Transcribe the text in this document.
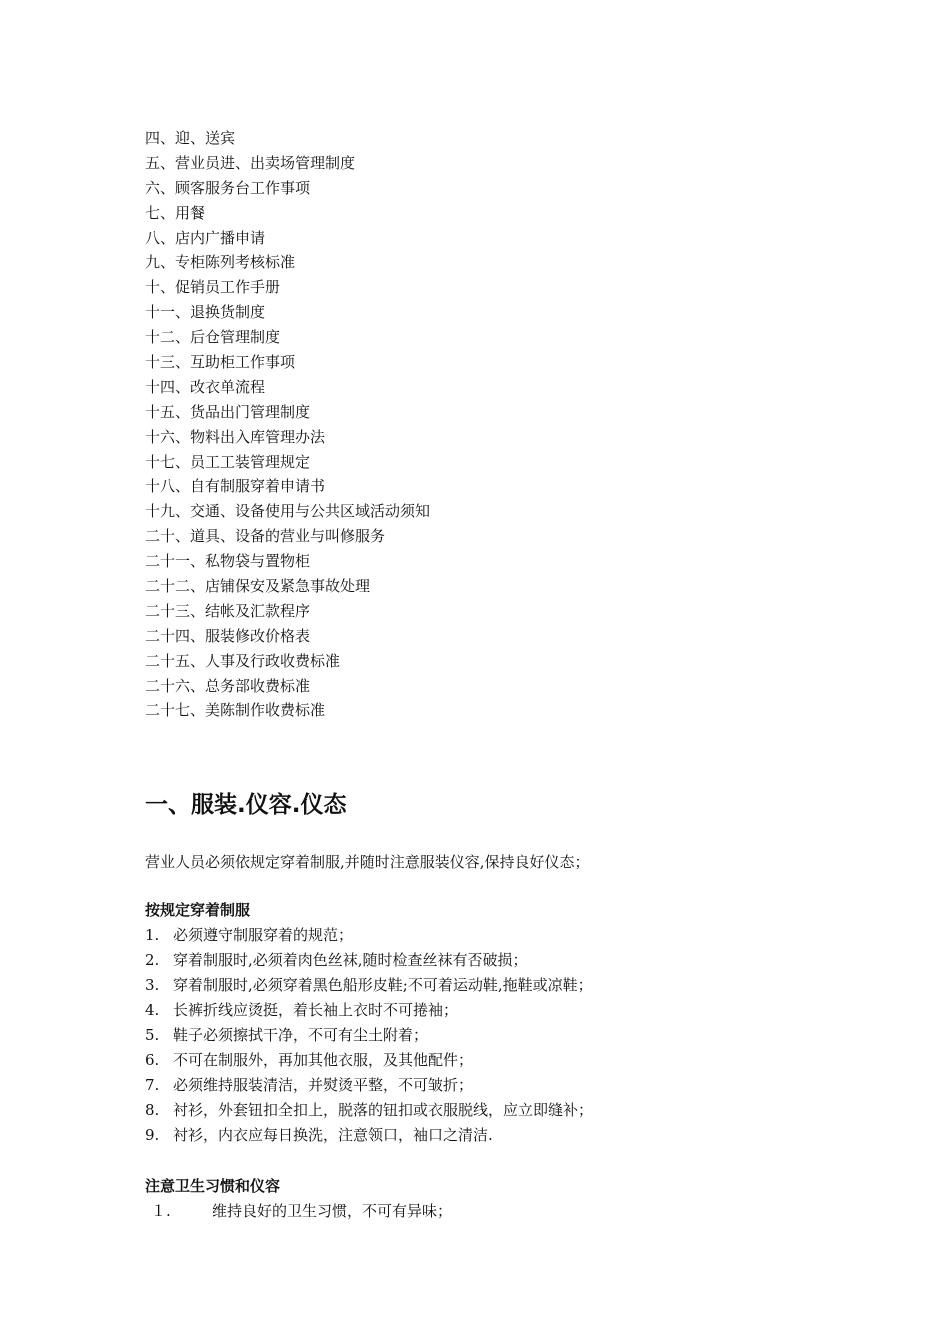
四、迎、送宾
五、营业员进、出卖场管理制度
六、顾客服务台工作事项
七、用餐
八、店内广播申请
九、专柜陈列考核标准
十、促销员工作手册
十一、退换货制度
十二、后仓管理制度
十三、互助柜工作事项
十四、改衣单流程
十五、货品出门管理制度
十六、物料出入库管理办法
十七、员工工装管理规定
十八、自有制服穿着申请书
十九、交通、设备使用与公共区域活动须知
二十、道具、设备的营业与叫修服务
二十一、私物袋与置物柜
二十二、店铺保安及紧急事故处理
二十三、结帐及汇款程序
二十四、服装修改价格表
二十五、人事及行政收费标准
二十六、总务部收费标准
二十七、美陈制作收费标准
一、服装.仪容.仪态
营业人员必须依规定穿着制服,并随时注意服装仪容,保持良好仪态；
按规定穿着制服
1. 必须遵守制服穿着的规范；
2. 穿着制服时,必须着肉色丝袜,随时检查丝袜有否破损；
3. 穿着制服时,必须穿着黑色船形皮鞋;不可着运动鞋,拖鞋或凉鞋；
4. 长裤折线应烫挺，着长袖上衣时不可捲袖；
5. 鞋子必须擦拭干净，不可有尘土附着；
6. 不可在制服外，再加其他衣服，及其他配件；
7. 必须维持服装清洁，并熨烫平整，不可皱折；
8. 衬衫，外套钮扣全扣上，脱落的钮扣或衣服脱线，应立即缝补；
9. 衬衫，内衣应每日换洗，注意领口，袖口之清洁.
注意卫生习惯和仪容
１.	维持良好的卫生习惯，不可有异味；
